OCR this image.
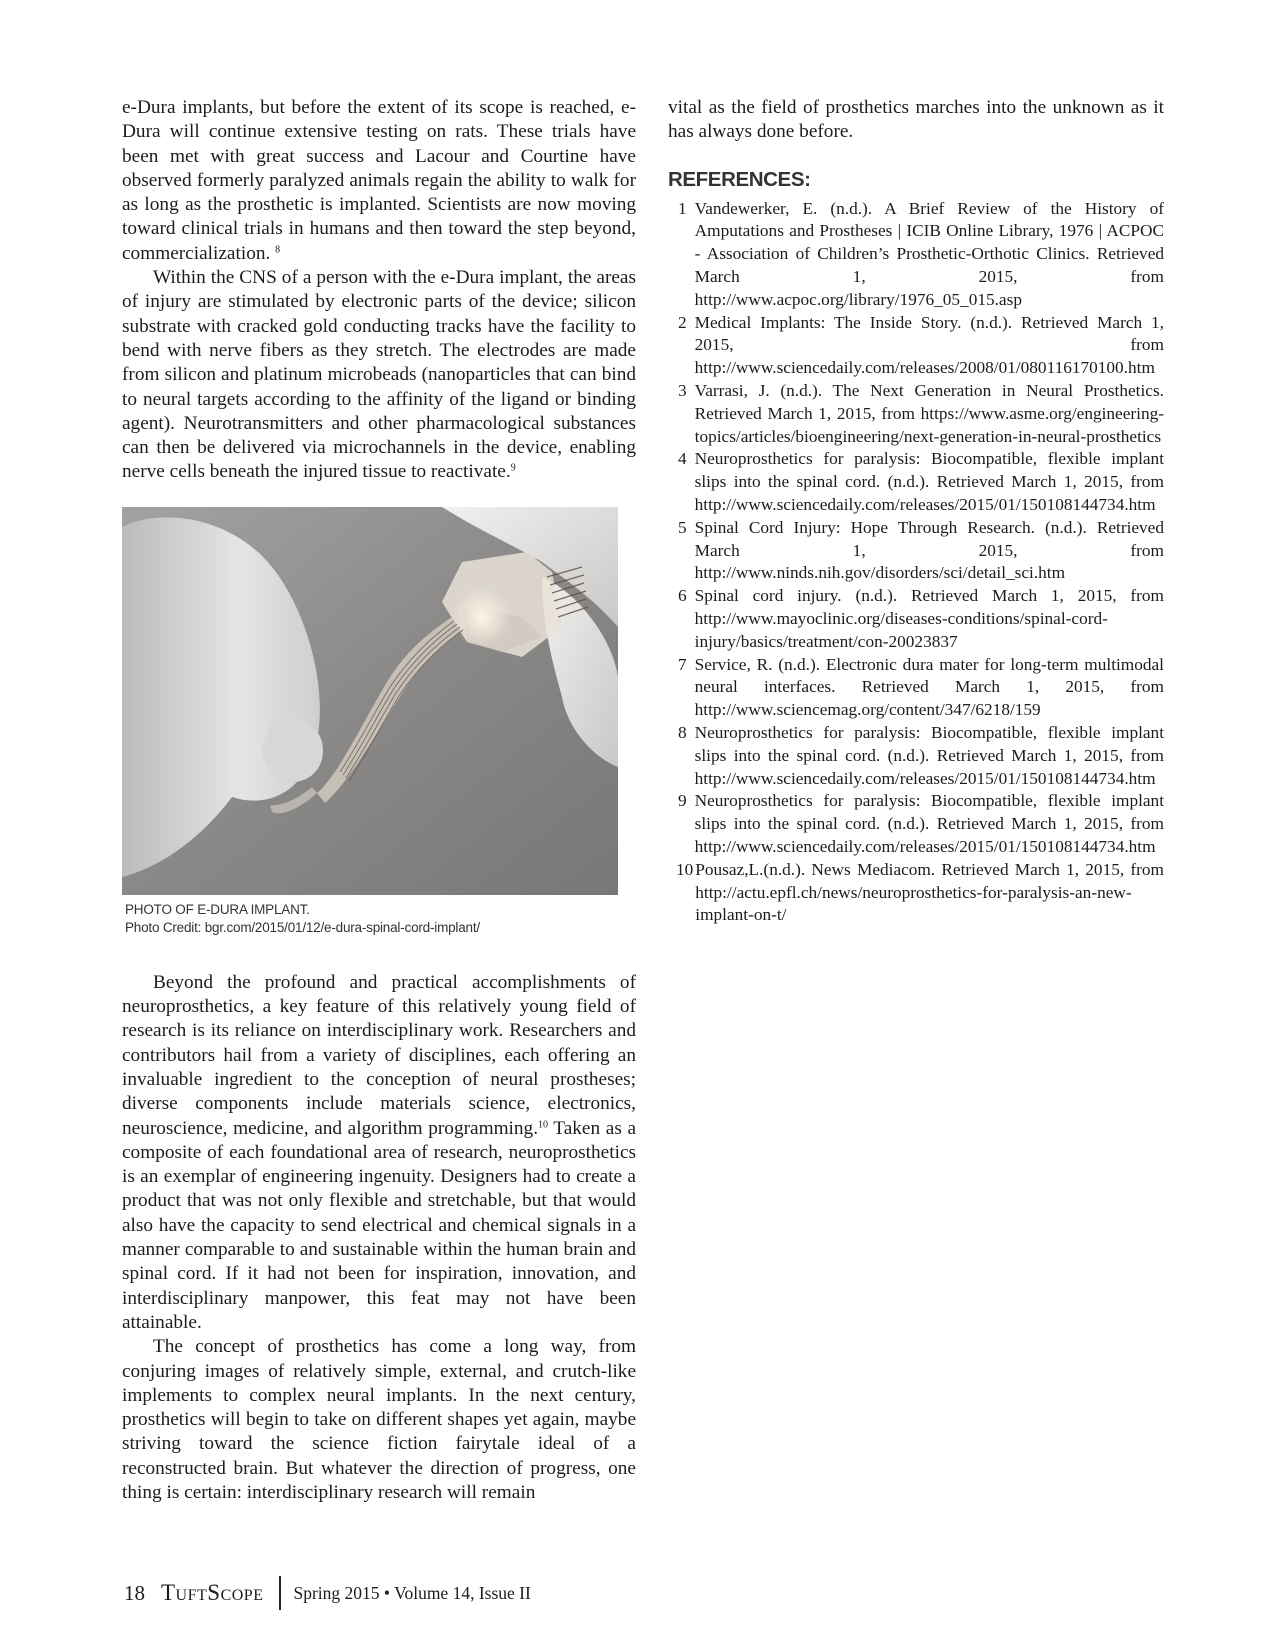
e-Dura implants, but before the extent of its scope is reached, e-Dura will continue extensive testing on rats. These trials have been met with great success and Lacour and Courtine have observed formerly paralyzed animals regain the ability to walk for as long as the prosthetic is implanted. Scientists are now moving toward clinical trials in humans and then toward the step beyond, commercialization. $^8$

Within the CNS of a person with the e-Dura implant, the areas of injury are stimulated by electronic parts of the device; silicon substrate with cracked gold conducting tracks have the facility to bend with nerve fibers as they stretch. The electrodes are made from silicon and platinum microbeads (nanoparticles that can bind to neural targets according to the affinity of the ligand or binding agent). Neurotransmitters and other pharmacological substances can then be delivered via microchannels in the device, enabling nerve cells beneath the injured tissue to reactivate.$^9$

PHOTO OF E-DURA IMPLANT.
Photo Credit: bgr.com/2015/01/12/e-dura-spinal-cord-implant/

Beyond the profound and practical accomplishments of neuroprosthetics, a key feature of this relatively young field of research is its reliance on interdisciplinary work. Researchers and contributors hail from a variety of disciplines, each offering an invaluable ingredient to the conception of neural prostheses; diverse components include materials science, electronics, neuroscience, medicine, and algorithm programming.$^{10}$ Taken as a composite of each foundational area of research, neuroprosthetics is an exemplar of engineering ingenuity. Designers had to create a product that was not only flexible and stretchable, but that would also have the capacity to send electrical and chemical signals in a manner comparable to and sustainable within the human brain and spinal cord. If it had not been for inspiration, innovation, and interdisciplinary manpower, this feat may not have been attainable.

The concept of prosthetics has come a long way, from conjuring images of relatively simple, external, and crutch-like implements to complex neural implants. In the next century, prosthetics will begin to take on different shapes yet again, maybe striving toward the science fiction fairytale ideal of a reconstructed brain. But whatever the direction of progress, one thing is certain: interdisciplinary research will remain

vital as the field of prosthetics marches into the unknown as it has always done before.

REFERENCES:
1 Vandewerker, E. (n.d.). A Brief Review of the History of Amputations and Prostheses | ICIB Online Library, 1976 | ACPOC - Association of Children’s Prosthetic-Orthotic Clinics. Retrieved March 1, 2015, from http://www.acpoc.org/library/1976_05_015.asp
2 Medical Implants: The Inside Story. (n.d.). Retrieved March 1, 2015, from http://www.sciencedaily.com/releases/2008/01/080116170100.htm
3 Varrasi, J. (n.d.). The Next Generation in Neural Prosthetics. Retrieved March 1, 2015, from https://www.asme.org/engineering-topics/articles/bioengineering/next-generation-in-neural-prosthetics
4 Neuroprosthetics for paralysis: Biocompatible, flexible implant slips into the spinal cord. (n.d.). Retrieved March 1, 2015, from http://www.sciencedaily.com/releases/2015/01/150108144734.htm
5 Spinal Cord Injury: Hope Through Research. (n.d.). Retrieved March 1, 2015, from http://www.ninds.nih.gov/disorders/sci/detail_sci.htm
6 Spinal cord injury. (n.d.). Retrieved March 1, 2015, from http://www.mayoclinic.org/diseases-conditions/spinal-cord-injury/basics/treatment/con-20023837
7 Service, R. (n.d.). Electronic dura mater for long-term multimodal neural interfaces. Retrieved March 1, 2015, from http://www.sciencemag.org/content/347/6218/159
8 Neuroprosthetics for paralysis: Biocompatible, flexible implant slips into the spinal cord. (n.d.). Retrieved March 1, 2015, from http://www.sciencedaily.com/releases/2015/01/150108144734.htm
9 Neuroprosthetics for paralysis: Biocompatible, flexible implant slips into the spinal cord. (n.d.). Retrieved March 1, 2015, from http://www.sciencedaily.com/releases/2015/01/150108144734.htm
10 Pousaz,L.(n.d.). News Mediacom. Retrieved March 1, 2015, from http://actu.epfl.ch/news/neuroprosthetics-for-paralysis-an-new-implant-on-t/
18 TuftScope Spring 2015 • Volume 14, Issue II
